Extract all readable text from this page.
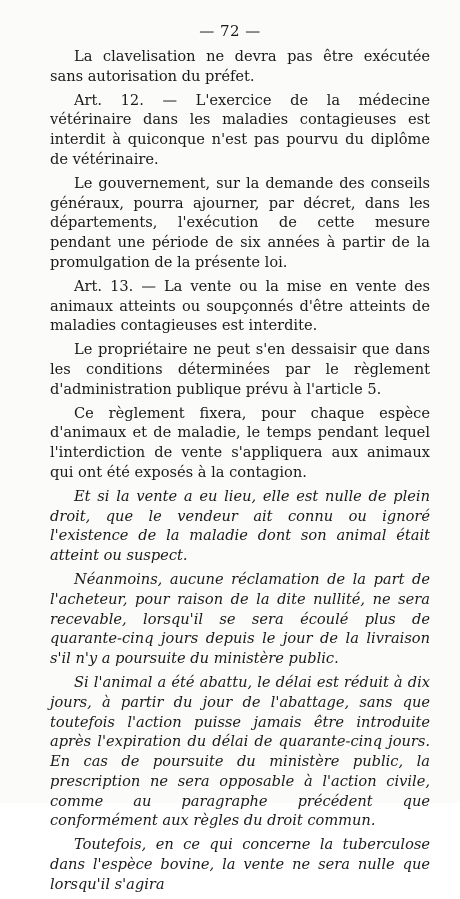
— 72 —

La clavelisation ne devra pas être exécutée sans autorisation du préfet.

Art. 12. — L'exercice de la médecine vétérinaire dans les maladies contagieuses est interdit à quiconque n'est pas pourvu du diplôme de vétérinaire.

Le gouvernement, sur la demande des conseils généraux, pourra ajourner, par décret, dans les départements, l'exécution de cette mesure pendant une période de six années à partir de la promulgation de la présente loi.

Art. 13. — La vente ou la mise en vente des animaux atteints ou soupçonnés d'être atteints de maladies contagieuses est interdite.

Le propriétaire ne peut s'en dessaisir que dans les conditions déterminées par le règlement d'administration publique prévu à l'article 5.

Ce règlement fixera, pour chaque espèce d'animaux et de maladie, le temps pendant lequel l'interdiction de vente s'appliquera aux animaux qui ont été exposés à la contagion.

Et si la vente a eu lieu, elle est nulle de plein droit, que le vendeur ait connu ou ignoré l'existence de la maladie dont son animal était atteint ou suspect.

Néanmoins, aucune réclamation de la part de l'acheteur, pour raison de la dite nullité, ne sera recevable, lorsqu'il se sera écoulé plus de quarante-cinq jours depuis le jour de la livraison s'il n'y a poursuite du ministère public.

Si l'animal a été abattu, le délai est réduit à dix jours, à partir du jour de l'abattage, sans que toutefois l'action puisse jamais être introduite après l'expiration du délai de quarante-cinq jours. En cas de poursuite du ministère public, la prescription ne sera opposable à l'action civile, comme au paragraphe précédent que conformément aux règles du droit commun.

Toutefois, en ce qui concerne la tuberculose dans l'espèce bovine, la vente ne sera nulle que lorsqu'il s'agira
